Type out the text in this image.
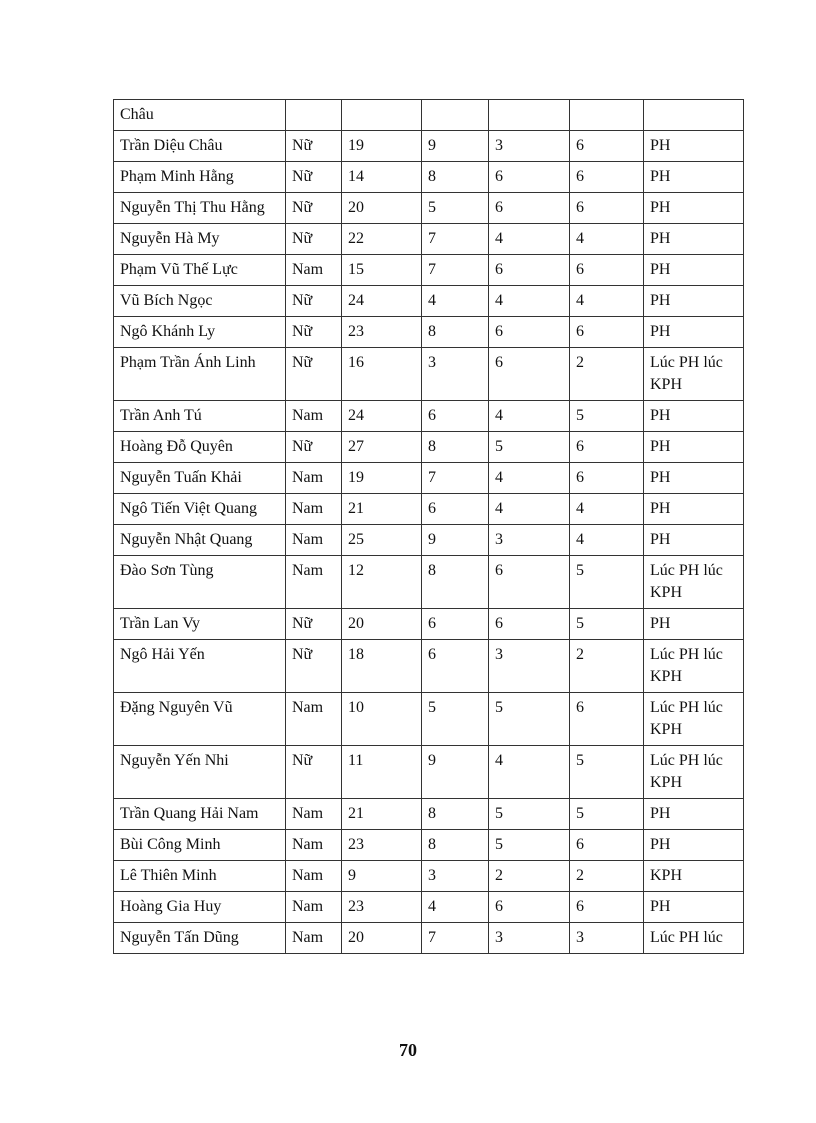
Châu						
Trần Diệu Châu	Nữ	19	9	3	6	PH
Phạm Minh Hằng	Nữ	14	8	6	6	PH
Nguyễn Thị Thu Hằng	Nữ	20	5	6	6	PH
Nguyễn Hà My	Nữ	22	7	4	4	PH
Phạm Vũ Thế Lực	Nam	15	7	6	6	PH
Vũ Bích Ngọc	Nữ	24	4	4	4	PH
Ngô Khánh Ly	Nữ	23	8	6	6	PH
Phạm Trần Ánh Linh	Nữ	16	3	6	2	Lúc PH lúc KPH
Trần Anh Tú	Nam	24	6	4	5	PH
Hoàng Đỗ Quyên	Nữ	27	8	5	6	PH
Nguyễn Tuấn Khải	Nam	19	7	4	6	PH
Ngô Tiến Việt Quang	Nam	21	6	4	4	PH
Nguyễn Nhật Quang	Nam	25	9	3	4	PH
Đào Sơn Tùng	Nam	12	8	6	5	Lúc PH lúc KPH
Trần Lan Vy	Nữ	20	6	6	5	PH
Ngô Hải Yến	Nữ	18	6	3	2	Lúc PH lúc KPH
Đặng Nguyên Vũ	Nam	10	5	5	6	Lúc PH lúc KPH
Nguyễn Yến Nhi	Nữ	11	9	4	5	Lúc PH lúc KPH
Trần Quang Hải Nam	Nam	21	8	5	5	PH
Bùi Công Minh	Nam	23	8	5	6	PH
Lê Thiên Minh	Nam	9	3	2	2	KPH
Hoàng Gia Huy	Nam	23	4	6	6	PH
Nguyễn Tấn Dũng	Nam	20	7	3	3	Lúc PH lúc
70
